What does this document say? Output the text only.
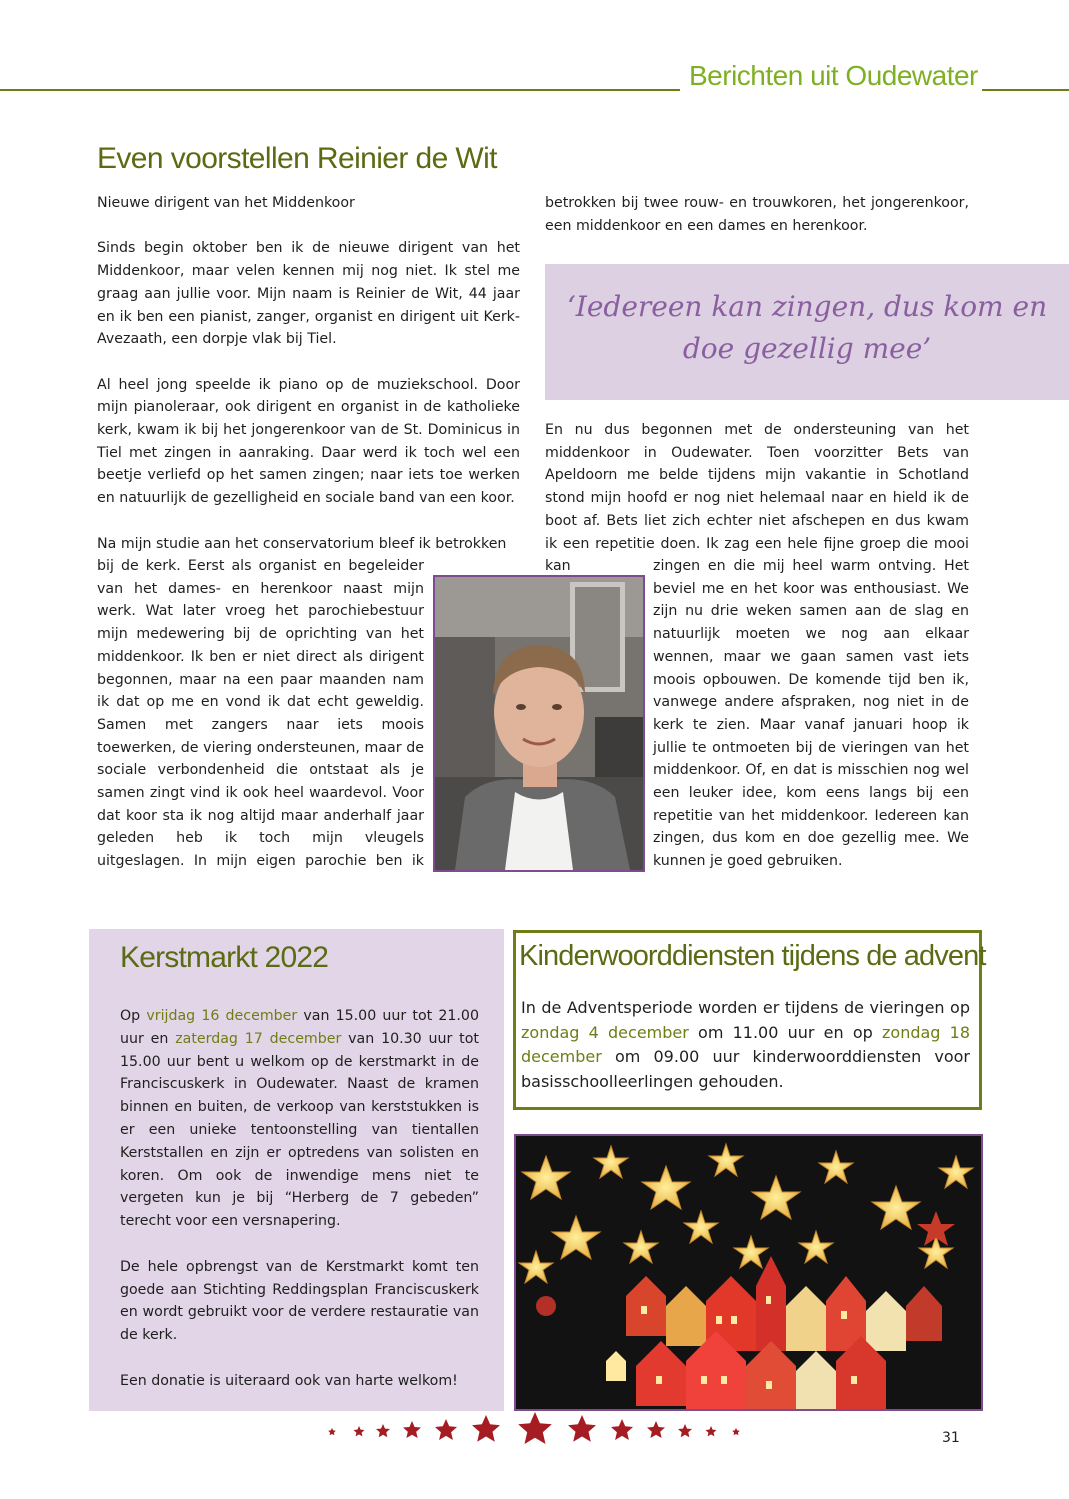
Berichten uit Oudewater
Even voorstellen Reinier de Wit

Nieuwe dirigent van het Middenkoor

Sinds begin oktober ben ik de nieuwe dirigent van het Middenkoor, maar velen kennen mij nog niet. Ik stel me graag aan jullie voor. Mijn naam is Reinier de Wit, 44 jaar en ik ben een pianist, zanger, organist en dirigent uit Kerk-Avezaath, een dorpje vlak bij Tiel.

Al heel jong speelde ik piano op de muziekschool. Door mijn pianoleraar, ook dirigent en organist in de katholieke kerk, kwam ik bij het jongerenkoor van de St. Dominicus in Tiel met zingen in aanraking. Daar werd ik toch wel een beetje verliefd op het samen zingen; naar iets toe werken en natuurlijk de gezelligheid en sociale band van een koor.

Na mijn studie aan het conservatorium bleef ik betrokken

bij de kerk. Eerst als organist en begeleider

van het dames- en herenkoor naast mijn

werk. Wat later vroeg het parochiebestuur

mijn medewering bij de oprichting van het

middenkoor. Ik ben er niet direct als dirigent

begonnen, maar na een paar maanden nam

ik dat op me en vond ik dat echt geweldig.

Samen met zangers naar iets moois

toewerken, de viering ondersteunen, maar de

sociale verbondenheid die ontstaat als je

samen zingt vind ik ook heel waardevol. Voor

dat koor sta ik nog altijd maar anderhalf jaar

geleden heb ik toch mijn vleugels

uitgeslagen. In mijn eigen parochie ben ik

betrokken bij twee rouw- en trouwkoren, het jongerenkoor, een middenkoor en een dames en herenkoor.

‘Iedereen kan zingen, dus kom en
doe gezellig mee’

En nu dus begonnen met de ondersteuning van het middenkoor in Oudewater. Toen voorzitter Bets van Apeldoorn me belde tijdens mijn vakantie in Schotland stond mijn hoofd er nog niet helemaal naar en hield ik de boot af. Bets liet zich echter niet afschepen en dus kwam ik een repetitie doen. Ik zag een hele fijne groep die mooi kan	zingen en die mij heel warm ontving. Het

beviel me en het koor was enthousiast. We

zijn nu drie weken samen aan de slag en

natuurlijk moeten we nog aan elkaar

wennen, maar we gaan samen vast iets

moois opbouwen. De komende tijd ben ik,

vanwege andere afspraken, nog niet in de

kerk te zien. Maar vanaf januari hoop ik

jullie te ontmoeten bij de vieringen van het

middenkoor. Of, en dat is misschien nog wel

een leuker idee, kom eens langs bij een

repetitie van het middenkoor. Iedereen kan

zingen, dus kom en doe gezellig mee. We

kunnen je goed gebruiken.

Kerstmarkt 2022

Op vrijdag 16 december van 15.00 uur tot 21.00 uur en zaterdag 17 december van 10.30 uur tot 15.00 uur bent u welkom op de kerstmarkt in de Franciscuskerk in Oudewater. Naast de kramen binnen en buiten, de verkoop van kerststukken is er een unieke tentoonstelling van tientallen Kerststallen en zijn er optredens van solisten en koren. Om ook de inwendige mens niet te vergeten kun je bij “Herberg de 7 gebeden” terecht voor een versnapering.

De hele opbrengst van de Kerstmarkt komt ten goede aan Stichting Reddingsplan Franciscuskerk en wordt gebruikt voor de verdere restauratie van de kerk.

Een donatie is uiteraard ook van harte welkom!

Kinderwoorddiensten tijdens de advent

In de Adventsperiode worden er tijdens de vieringen op zondag 4 december om 11.00 uur en op zondag 18 december om 09.00 uur kinderwoorddiensten voor basisschoolleerlingen gehouden.

31
